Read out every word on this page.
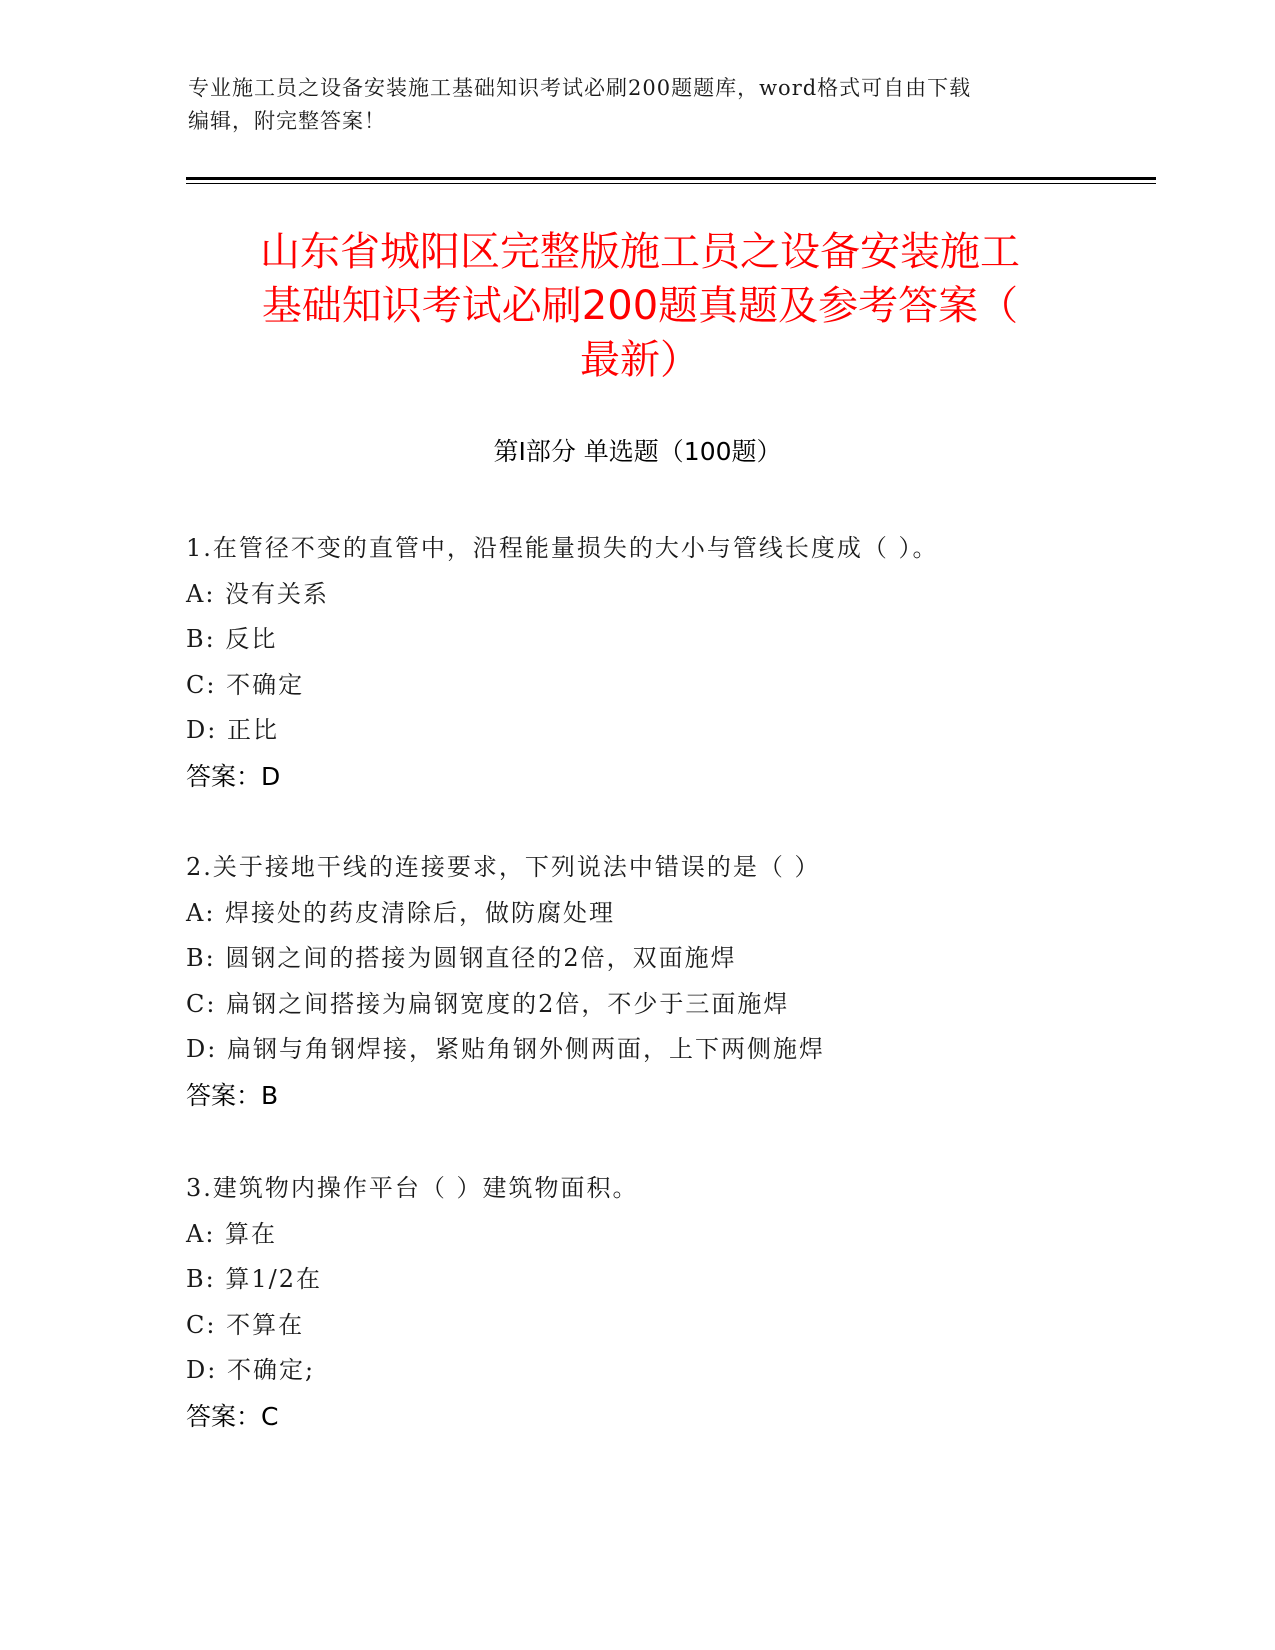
专业施工员之设备安装施工基础知识考试必刷200题题库，word格式可自由下载
编辑，附完整答案！
山东省城阳区完整版施工员之设备安装施工
基础知识考试必刷200题真题及参考答案（
最新）
第Ⅰ部分 单选题（100题）
1.在管径不变的直管中，沿程能量损失的大小与管线长度成（ ）。
A: 没有关系
B: 反比
C: 不确定
D: 正比
答案：D
2.关于接地干线的连接要求，下列说法中错误的是（ ）
A: 焊接处的药皮清除后，做防腐处理
B: 圆钢之间的搭接为圆钢直径的2倍，双面施焊
C: 扁钢之间搭接为扁钢宽度的2倍，不少于三面施焊
D: 扁钢与角钢焊接，紧贴角钢外侧两面，上下两侧施焊
答案：B
3.建筑物内操作平台（ ）建筑物面积。
A: 算在
B: 算1/2在
C: 不算在
D: 不确定;
答案：C
